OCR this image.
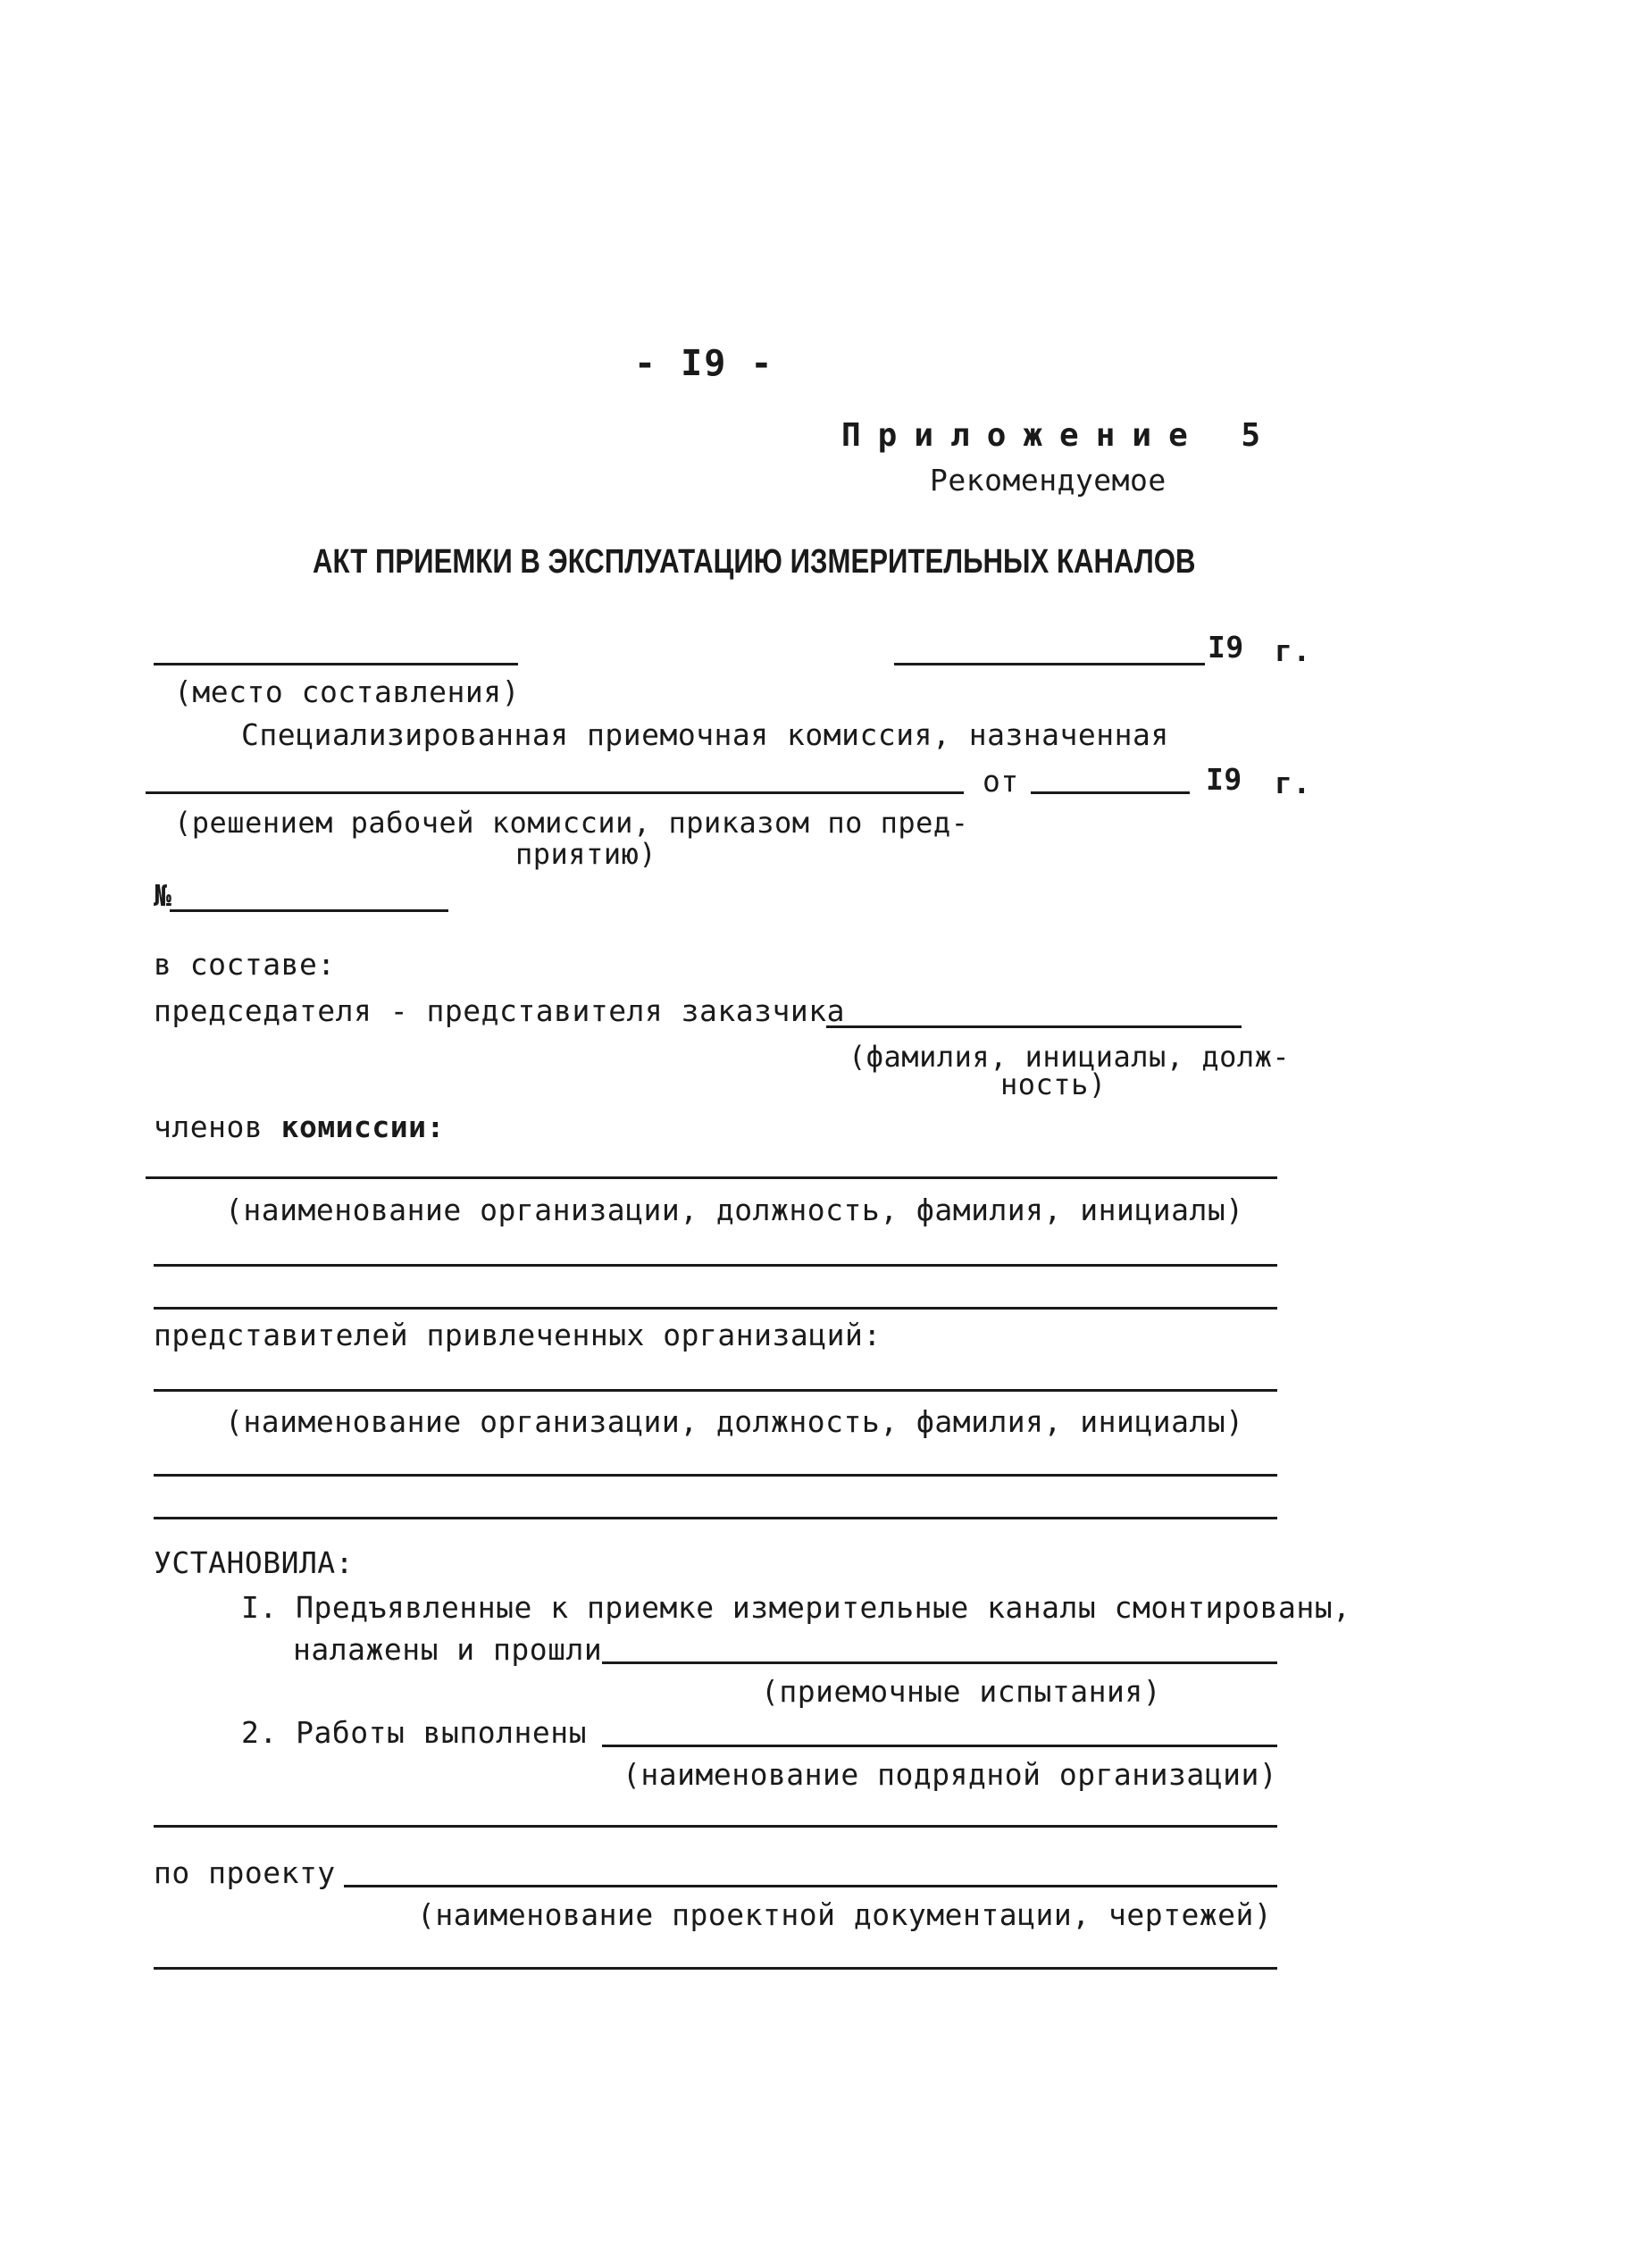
- I9 -
Приложение 5
Рекомендуемое
АКТ ПРИЕМКИ В ЭКСПЛУАТАЦИЮ ИЗМЕРИТЕЛЬНЫХ КАНАЛОВ
I9 г.
(место составления)
Специализированная приемочная комиссия, назначенная
от	I9 г.
(решением рабочей комиссии, приказом по пред-
приятию)
№
в составе:
председателя - представителя заказчика
(фамилия, инициалы, долж-
ность)
членов комиссии:
(наименование организации, должность, фамилия, инициалы)
представителей привлеченных организаций:
(наименование организации, должность, фамилия, инициалы)
УСТАНОВИЛА:
I. Предъявленные к приемке измерительные каналы смонтированы,
налажены и прошли
(приемочные испытания)
2. Работы выполнены
(наименование подрядной организации)
по проекту
(наименование проектной документации, чертежей)
